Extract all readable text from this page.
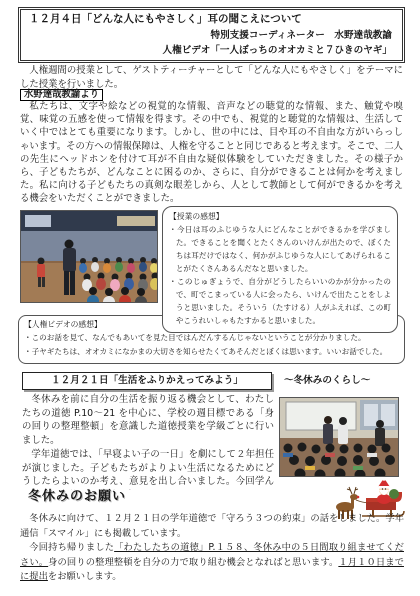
１２月４日「どんな人にもやさしく」耳の聞こえについて
特別支援コーディネーター　水野達哉教諭
人権ビデオ「一人ぼっちのオオカミと７ひきのヤギ」

人権週間の授業として、ゲストティーチャーとして「どんな人にもやさしく」をテーマにした授業を行いました。

水野達哉教諭より

私たちは、文字や絵などの視覚的な情報、音声などの聴覚的な情報、また、触覚や嗅覚、味覚の五感を使って情報を得ます。その中でも、視覚的と聴覚的な情報は、生活していく中ではとても重要になります。しかし、世の中には、目や耳の不自由な方がいらっしゃいます。その方への情報保障は、人権を守ることと同じであると考えます。そこで、二人の先生にヘッドホンを付けて耳が不自由な疑似体験をしていただきました。その様子から、子どもたちが、どんなことに困るのか、さらに、自分ができることは何かを考えました。私に向ける子どもたちの真剣な眼差しから、人として教師として何ができるかを考える機会をいただくことができました。

【授業の感想】
・今日は耳のふじゆうな人にどんなことができるかを学びました。できることを聞くとたくさんのいけんが出たので、ぼくたちは耳だけではなく、何かがふじゆうな人にしてあげられることがたくさんあるんだなと思いました。
・このじゅぎょうで、自分がどうしたらいいのかが分かったので、町でこまっている人に会ったら、いけんで出たことをしようと思いました。そういう（たすける）人がふえれば、この町やこうれいしゃもたすかると思いました。
【人権ビデオの感想】
・このお話を見て、なんでもあいてを見た目ではんだんするんじゃないということが分かりました。
・子ヤギたちは、オオカミになかまの大切さを知らせたくてあそんだとぼくは思います。いいお話でした。
１２月２１日「生活をふりかえってみよう」	～冬休みのくらし～

冬休みを前に自分の生活を振り返る機会として、わたしたちの道徳 P.10～21 を中心に、学校の週目標である「身の回りの整理整頓」を意識した道徳授業を学級ごとに行いました。

学年道徳では、「早寝よい子の一日」を劇にして２年担任が演じました。子どもたちがよりよい生活になるためにどうしたらよいのか考え、意見を出し合いました。今回学ん

冬休みのお願い

冬休みに向けて、１２月２１日の学年道徳で「守ろう３つの約束」の話をしました。学年通信「スマイル」にも掲載しています。

今回持ち帰りました「わたしたちの道徳」P.１５８、冬休み中の５日間取り組ませてください。身の回りの整理整頓を自分の力で取り組む機会となればと思います。１月１０日までに提出をお願いします。
